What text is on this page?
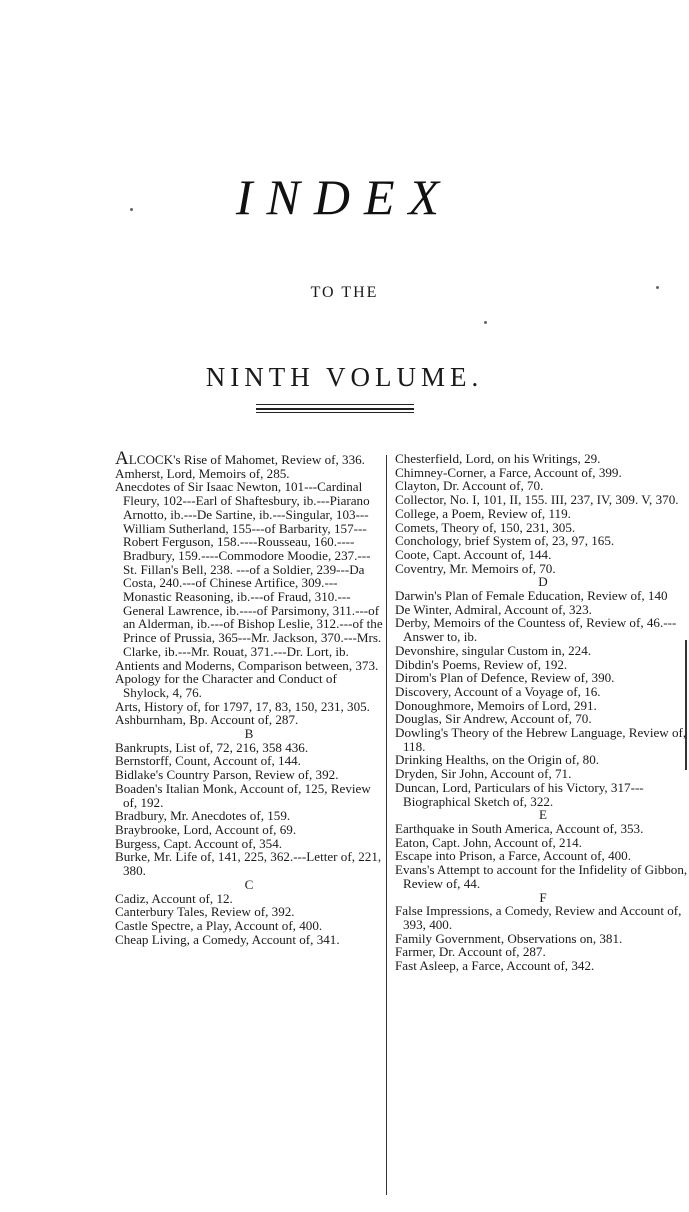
INDEX
TO THE
NINTH VOLUME.

ALCOCK's Rise of Mahomet, Review of, 336.

Amherst, Lord, Memoirs of, 285.

Anecdotes of Sir Isaac Newton, 101---Cardinal Fleury, 102---Earl of Shaftesbury, ib.---Piarano Arnotto, ib.---De Sartine, ib.---Singular, 103---William Sutherland, 155---of Barbarity, 157---Robert Ferguson, 158.----Rousseau, 160.----Bradbury, 159.----Commodore Moodie, 237.---St. Fillan's Bell, 238. ---of a Soldier, 239---Da Costa, 240.---of Chinese Artifice, 309.---Monastic Reasoning, ib.---of Fraud, 310.---General Lawrence, ib.----of Parsimony, 311.---of an Alderman, ib.---of Bishop Leslie, 312.---of the Prince of Prussia, 365---Mr. Jackson, 370.---Mrs. Clarke, ib.---Mr. Rouat, 371.---Dr. Lort, ib.

Antients and Moderns, Comparison between, 373.

Apology for the Character and Conduct of Shylock, 4, 76.

Arts, History of, for 1797, 17, 83, 150, 231, 305.

Ashburnham, Bp. Account of, 287.

B

Bankrupts, List of, 72, 216, 358 436.

Bernstorff, Count, Account of, 144.

Bidlake's Country Parson, Review of, 392.

Boaden's Italian Monk, Account of, 125, Review of, 192.

Bradbury, Mr. Anecdotes of, 159.

Braybrooke, Lord, Account of, 69.

Burgess, Capt. Account of, 354.

Burke, Mr. Life of, 141, 225, 362.---Letter of, 221, 380.

C

Cadiz, Account of, 12.

Canterbury Tales, Review of, 392.

Castle Spectre, a Play, Account of, 400.

Cheap Living, a Comedy, Account of, 341.

Chesterfield, Lord, on his Writings, 29.

Chimney-Corner, a Farce, Account of, 399.

Clayton, Dr. Account of, 70.

Collector, No. I, 101, II, 155. III, 237, IV, 309. V, 370.

College, a Poem, Review of, 119.

Comets, Theory of, 150, 231, 305.

Conchology, brief System of, 23, 97, 165.

Coote, Capt. Account of, 144.

Coventry, Mr. Memoirs of, 70.

D

Darwin's Plan of Female Education, Review of, 140

De Winter, Admiral, Account of, 323.

Derby, Memoirs of the Countess of, Review of, 46.---Answer to, ib.

Devonshire, singular Custom in, 224.

Dibdin's Poems, Review of, 192.

Dirom's Plan of Defence, Review of, 390.

Discovery, Account of a Voyage of, 16.

Donoughmore, Memoirs of Lord, 291.

Douglas, Sir Andrew, Account of, 70.

Dowling's Theory of the Hebrew Language, Review of, 118.

Drinking Healths, on the Origin of, 80.

Dryden, Sir John, Account of, 71.

Duncan, Lord, Particulars of his Victory, 317---Biographical Sketch of, 322.

E

Earthquake in South America, Account of, 353.

Eaton, Capt. John, Account of, 214.

Escape into Prison, a Farce, Account of, 400.

Evans's Attempt to account for the Infidelity of Gibbon, Review of, 44.

F

False Impressions, a Comedy, Review and Account of, 393, 400.

Family Government, Observations on, 381.

Farmer, Dr. Account of, 287.

Fast Asleep, a Farce, Account of, 342.
